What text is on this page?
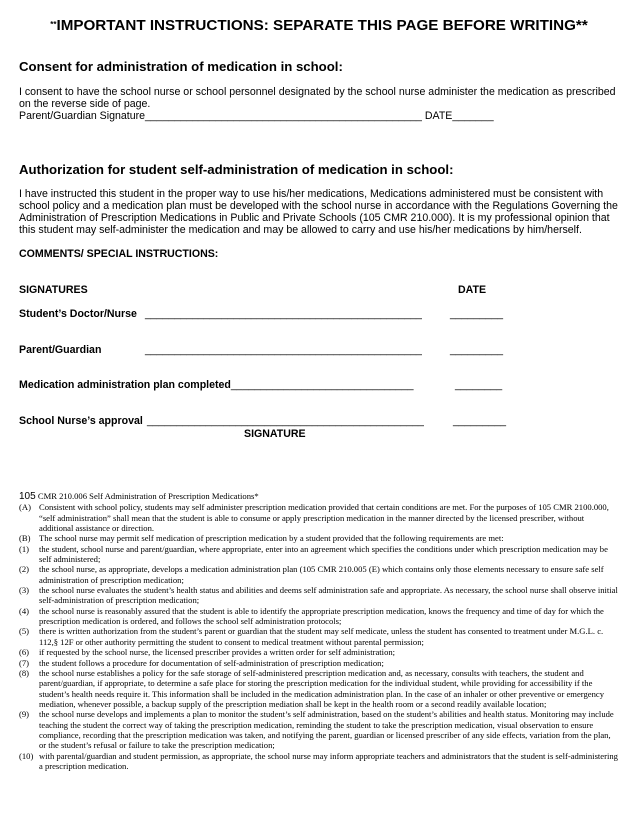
**IMPORTANT INSTRUCTIONS: SEPARATE THIS PAGE BEFORE WRITING**
Consent for administration of medication in school:
I consent to have the school nurse or school personnel designated by the school nurse administer the medication as prescribed on the reverse side of page.
Parent/Guardian Signature_______________________________________________ DATE_______
Authorization for student self-administration of medication in school:
I have instructed this student in the proper way to use his/her medications, Medications administered must be consistent with school policy and a medication plan must be developed with the school nurse in accordance with the Regulations Governing the Administration of Prescription Medications in Public and Private Schools (105 CMR 210.000). It is my professional opinion that this student may self-administer the medication and may be allowed to carry and use his/her medications by him/herself.
COMMENTS/ SPECIAL INSTRUCTIONS:
SIGNATURES	DATE
Student’s Doctor/Nurse _______________________________________________	_________
Parent/Guardian	_______________________________________________	_________
Medication administration plan completed_______________________________	________
School Nurse’s approval _______________________________________________	_________
SIGNATURE
105 CMR 210.006 Self Administration of Prescription Medications*
(A) Consistent with school policy, students may self administer prescription medication provided that certain conditions are met. For the purposes of 105 CMR 2100.000, “self administration” shall mean that the student is able to consume or apply prescription medication in the manner directed by the licensed prescriber, without additional assistance or direction.
(B) The school nurse may permit self medication of prescription medication by a student provided that the following requirements are met:
(1)	the student, school nurse and parent/guardian, where appropriate, enter into an agreement which specifies the conditions under which prescription medication may be self administered;
(2)	the school nurse, as appropriate, develops a medication administration plan (105 CMR 210.005 (E) which contains only those elements necessary to ensure safe self administration of prescription medication;
(3)	the school nurse evaluates the student’s health status and abilities and deems self administration safe and appropriate. As necessary, the school nurse shall observe initial self-administration of prescription medication;
(4)	the school nurse is reasonably assured that the student is able to identify the appropriate prescription medication, knows the frequency and time of day for which the prescription medication is ordered, and follows the school self administration protocols;
(5)	there is written authorization from the student’s parent or guardian that the student may self medicate, unless the student has consented to treatment under M.G.L. c. 112,§ 12F or other authority permitting the student to consent to medical treatment without parental permission;
(6)	if requested by the school nurse, the licensed prescriber provides a written order for self administration;
(7)	the student follows a procedure for documentation of self-administration of prescription medication;
(8)	the school nurse establishes a policy for the safe storage of self-administered prescription medication and, as necessary, consults with teachers, the student and parent/guardian, if appropriate, to determine a safe place for storing the prescription medication for the individual student, while providing for accessibility if the student’s health needs require it. This information shall be included in the medication administration plan. In the case of an inhaler or other preventive or emergency mediation, whenever possible, a backup supply of the prescription mediation shall be kept in the health room or a second readily available location;
(9)	the school nurse develops and implements a plan to monitor the student’s self administration, based on the student’s abilities and health status. Monitoring may include teaching the student the correct way of taking the prescription medication, reminding the student to take the prescription medication, visual observation to ensure compliance, recording that the prescription medication was taken, and notifying the parent, guardian or licensed prescriber of any side effects, variation from the plan, or the student’s refusal or failure to take the prescription medication;
(10) with parental/guardian and student permission, as appropriate, the school nurse may inform appropriate teachers and administrators that the student is self-administering a prescription medication.
